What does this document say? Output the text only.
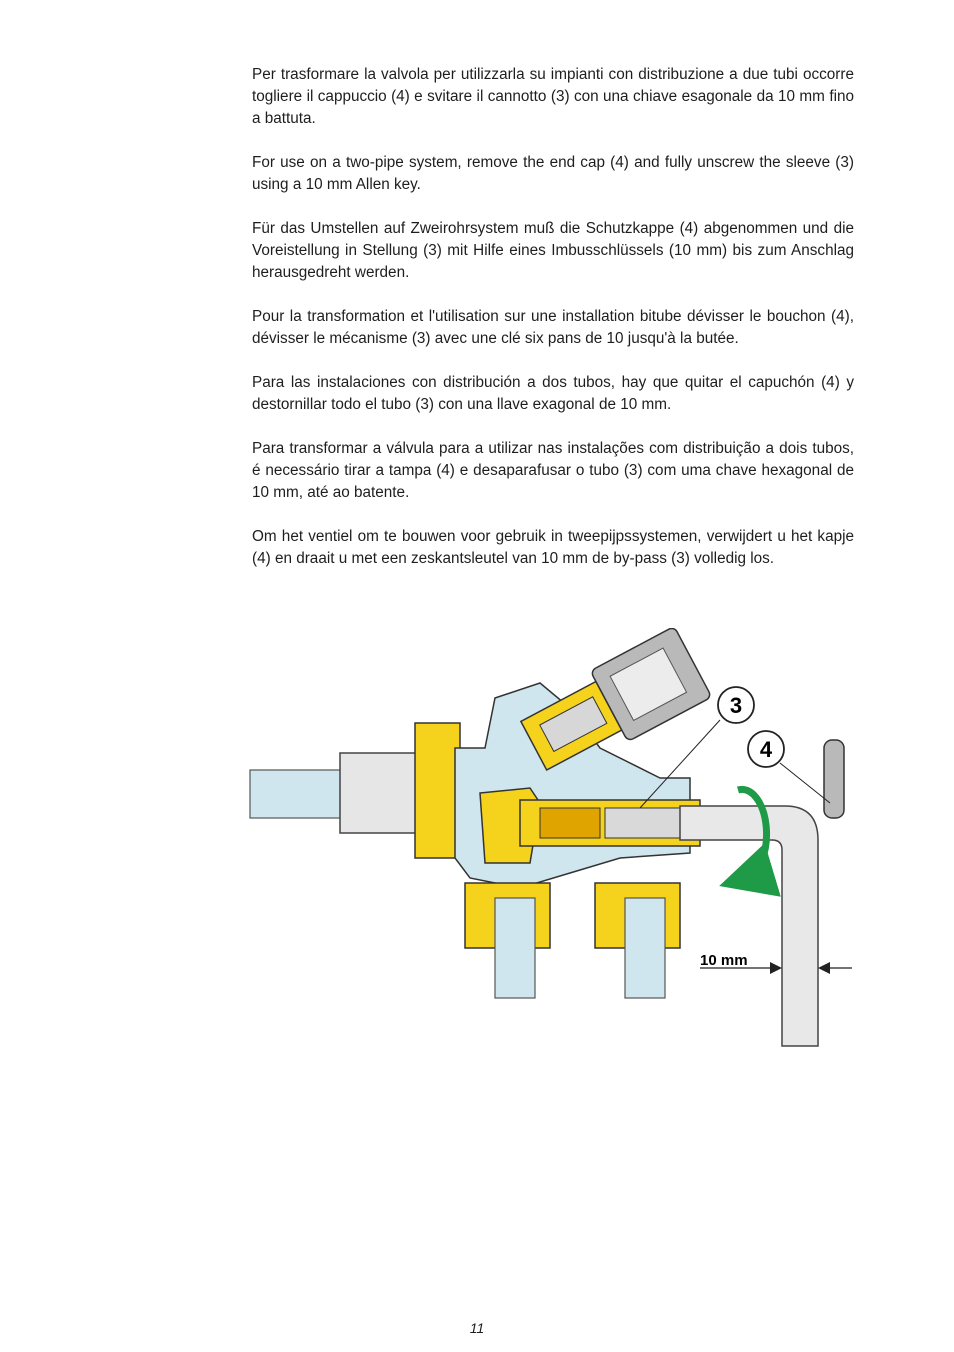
Per trasformare la valvola per utilizzarla su impianti con distribuzione a due tubi occorre togliere il cappuccio (4) e svitare il cannotto (3) con una chiave esagonale da 10 mm fino a battuta.

For use on a two-pipe system, remove the end cap (4) and fully unscrew the sleeve (3) using a 10 mm Allen key.

Für das Umstellen auf Zweirohrsystem muß die Schutzkappe (4) abgenommen und die Voreistellung in Stellung (3) mit Hilfe eines Imbusschlüssels (10 mm) bis zum Anschlag herausgedreht werden.

Pour la transformation et l'utilisation sur une installation bitube dévisser le bouchon (4), dévisser le mécanisme (3) avec une clé six pans de 10 jusqu'à la butée.

Para las instalaciones con distribución a dos tubos, hay que quitar el capuchón (4) y destornillar todo el tubo (3) con una llave exagonal de 10 mm.

Para transformar a válvula para a utilizar nas instalações com distribuição a dois tubos, é necessário tirar a tampa (4) e desaparafusar o tubo (3) com uma chave hexagonal de 10 mm, até ao batente.

Om het ventiel om te bouwen voor gebruik in tweepijpssystemen, verwijdert u het kapje (4) en draait u met een zeskantsleutel van 10 mm de by-pass (3) volledig los.

3
4
10 mm
11
